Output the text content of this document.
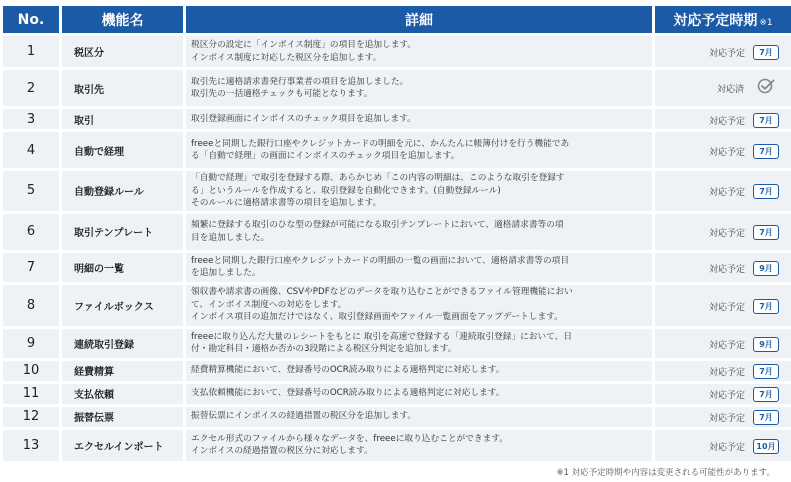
No.	機能名	詳細	対応予定時期 ※1
1	税区分	税区分の設定に「インボイス制度」の項目を追加します。
インボイス制度に対応した税区分を追加します。	対応予定 7月
2	取引先	取引先に適格請求書発行事業者の項目を追加しました。
取引先の一括適格チェックも可能となります。	対応済
3	取引	取引登録画面にインボイスのチェック項目を追加します。	対応予定 7月
4	自動で経理	freeeと同期した銀行口座やクレジットカードの明細を元に、かんたんに帳簿付けを行う機能であ
る「自動で経理」の画面にインボイスのチェック項目を追加します。	対応予定 7月
5	自動登録ルール	「自動で経理」で取引を登録する際、あらかじめ「この内容の明細は、このような取引を登録す
る」というルールを作成すると、取引登録を自動化できます。(自動登録ルール)
そのルールに適格請求書等の項目を追加します。	対応予定 7月
6	取引テンプレート	頻繁に登録する取引のひな型の登録が可能になる取引テンプレートにおいて、適格請求書等の項
目を追加しました。	対応予定 7月
7	明細の一覧	freeeと同期した銀行口座やクレジットカードの明細の一覧の画面において、適格請求書等の項目
を追加しました。	対応予定 9月
8	ファイルボックス	領収書や請求書の画像、CSVやPDFなどのデータを取り込むことができるファイル管理機能におい
て、インボイス制度への対応をします。
インボイス項目の追加だけではなく、取引登録画面やファイル一覧画面をアップデートします。	対応予定 7月
9	連続取引登録	freeeに取り込んだ大量のレシートをもとに 取引を高速で登録する「連続取引登録」において、日
付・勘定科目・適格か否かの3段階による税区分判定を追加します。	対応予定 9月
10	経費精算	経費精算機能において、登録番号のOCR読み取りによる適格判定に対応します。	対応予定 7月
11	支払依頼	支払依頼機能において、登録番号のOCR読み取りによる適格判定に対応します。	対応予定 7月
12	振替伝票	振替伝票にインボイスの経過措置の税区分を追加します。	対応予定 7月
13	エクセルインポート	エクセル形式のファイルから様々なデータを、freeeに取り込むことができます。
インボイスの経過措置の税区分に対応します。	対応予定 10月
※1 対応予定時期や内容は変更される可能性があります。
